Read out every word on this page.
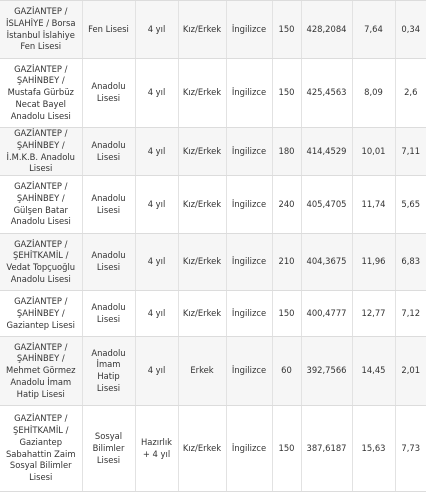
GAZİANTEP / İSLAHİYE / Borsa İstanbul İslahiye Fen Lisesi	Fen Lisesi	4 yıl	Kız/Erkek	İngilizce	150	428,2084	7,64	0,34
GAZİANTEP / ŞAHİNBEY / Mustafa Gürbüz Necat Bayel Anadolu Lisesi	Anadolu Lisesi	4 yıl	Kız/Erkek	İngilizce	150	425,4563	8,09	2,6
GAZİANTEP / ŞAHİNBEY / İ.M.K.B. Anadolu Lisesi	Anadolu Lisesi	4 yıl	Kız/Erkek	İngilizce	180	414,4529	10,01	7,11
GAZİANTEP / ŞAHİNBEY / Gülşen Batar Anadolu Lisesi	Anadolu Lisesi	4 yıl	Kız/Erkek	İngilizce	240	405,4705	11,74	5,65
GAZİANTEP / ŞEHİTKAMİL / Vedat Topçuoğlu Anadolu Lisesi	Anadolu Lisesi	4 yıl	Kız/Erkek	İngilizce	210	404,3675	11,96	6,83
GAZİANTEP / ŞAHİNBEY / Gaziantep Lisesi	Anadolu Lisesi	4 yıl	Kız/Erkek	İngilizce	150	400,4777	12,77	7,12
GAZİANTEP / ŞAHİNBEY / Mehmet Görmez Anadolu İmam Hatip Lisesi	Anadolu İmam Hatip Lisesi	4 yıl	Erkek	İngilizce	60	392,7566	14,45	2,01
GAZİANTEP / ŞEHİTKAMİL / Gaziantep Sabahattin Zaim Sosyal Bilimler Lisesi	Sosyal Bilimler Lisesi	Hazırlık + 4 yıl	Kız/Erkek	İngilizce	150	387,6187	15,63	7,73
